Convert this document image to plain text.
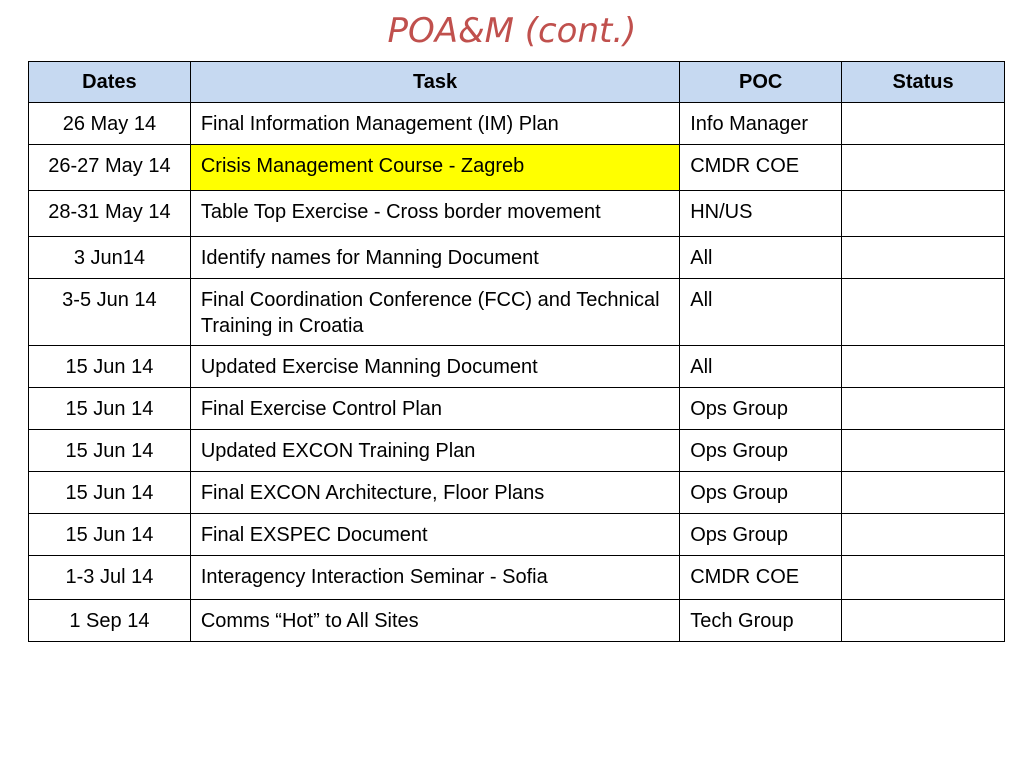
POA&M (cont.)
Dates	Task	POC	Status
26 May 14	Final Information Management (IM) Plan	Info Manager	
26-27 May 14	Crisis Management Course - Zagreb	CMDR COE	
28-31 May 14	Table Top Exercise - Cross border movement	HN/US	
3 Jun14	Identify names for Manning Document	All	
3-5 Jun 14	Final Coordination Conference (FCC) and Technical Training in Croatia	All	
15 Jun 14	Updated Exercise Manning Document	All	
15 Jun 14	Final Exercise Control Plan	Ops Group	
15 Jun 14	Updated EXCON Training Plan	Ops Group	
15 Jun 14	Final EXCON Architecture, Floor Plans	Ops Group	
15 Jun 14	Final EXSPEC Document	Ops Group	
1-3 Jul 14	Interagency Interaction Seminar - Sofia	CMDR COE	
1 Sep 14	Comms “Hot” to All Sites	Tech Group	
